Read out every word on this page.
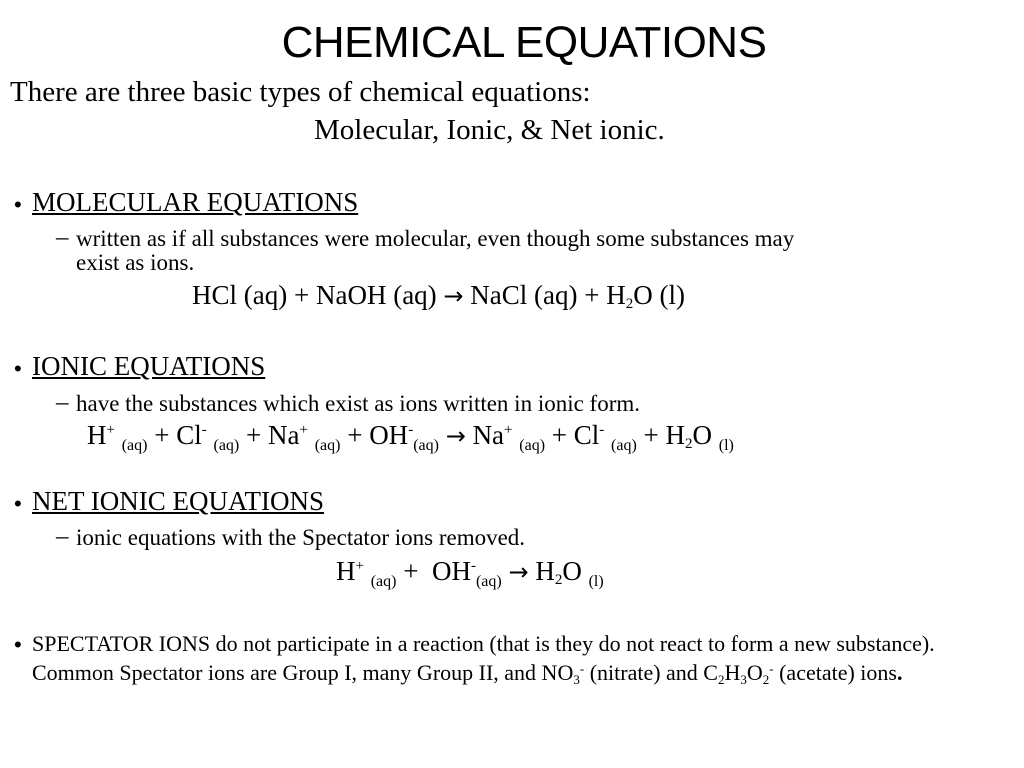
CHEMICAL EQUATIONS
There are three basic types of chemical equations:
Molecular, Ionic, & Net ionic.
• MOLECULAR EQUATIONS
– written as if all substances were molecular, even though some substances may
exist as ions.
HCl (aq) + NaOH (aq) → NaCl $(aq) + H_2O$ (l)
• IONIC EQUATIONS
– have the substances which exist as ions written in ionic form.
H+ $_{(aq)}$ + Cl- $_{(aq)}$ + Na+ $_{(aq)} + OH^-_{(aq)} \to Na^+$ $_{(aq)}$ + Cl- $_{(aq)} + H_2O$ $_{(l)}$
• NET IONIC EQUATIONS
– ionic equations with the Spectator ions removed.
H+ $_{(aq)} + OH^-_{(aq)} \to H_2O$ $_{(l)}$
• SPECTATOR IONS do not participate in a reaction (that is they do not react to form a new substance). Common Spectator ions are Group I, many Group II, and $NO_3^-$ (nitrate) and $C_2H_3O_2^-$ (acetate) ions.
